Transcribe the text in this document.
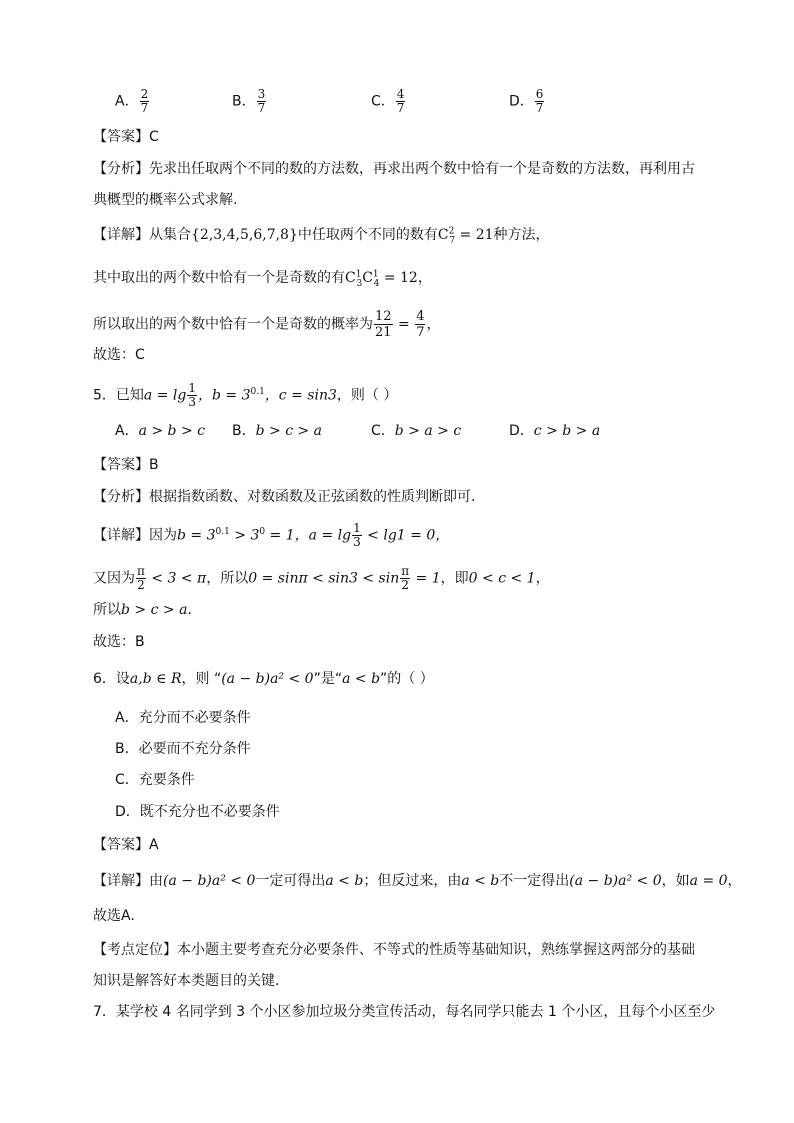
A． $\frac{2}{7}$	B． $\frac{3}{7}$	C． $\frac{4}{7}$	D． $\frac{6}{7}$
【答案】C
【分析】先求出任取两个不同的数的方法数，再求出两个数中恰有一个是奇数的方法数，再利用古
典概型的概率公式求解.
【详解】从集合{2,3,4,5,6,7,8}中任取两个不同的数有$C^2_7 = 21$种方法，
其中取出的两个数中恰有一个是奇数的有$C^1_3C^1_4 = 12$，
所以取出的两个数中恰有一个是奇数的概率为 $\frac{12}{21} = \frac{4}{7}$ ，
故选：C
5．已知$a = \lg \frac{1}{3}$ ，$b = 3^{0.1}$，c = sin3，则（ ）
A．a > b > c B．b > c > a	C．b > a > c	D．c > b > a
【答案】B
【分析】根据指数函数、对数函数及正弦函数的性质判断即可.
【详解】因为$b = 3^{0.1} > 3^0 = 1$，$a = \lg \frac{1}{3} < \lg 1 = 0$，
又因为 $\frac{\pi}{2} < 3 < \pi$，所以$0 = \sin\pi < \sin 3 < \sin \frac{\pi}{2} = 1$，即0 < c < 1，
所以b > c > a.
故选：B
6．设a,b ∈ R，则 “(a − b)a² < 0”是“a < b”的（ ）
A．充分而不必要条件
B．必要而不充分条件
C．充要条件
D．既不充分也不必要条件
【答案】A
【详解】由(a − b)a² < 0一定可得出a < b；但反过来，由a < b不一定得出(a − b)a² < 0，如a = 0，
故选A.
【考点定位】本小题主要考查充分必要条件、不等式的性质等基础知识，熟练掌握这两部分的基础
知识是解答好本类题目的关键.
7．某学校 4 名同学到 3 个小区参加垃圾分类宣传活动，每名同学只能去 1 个小区，且每个小区至少
